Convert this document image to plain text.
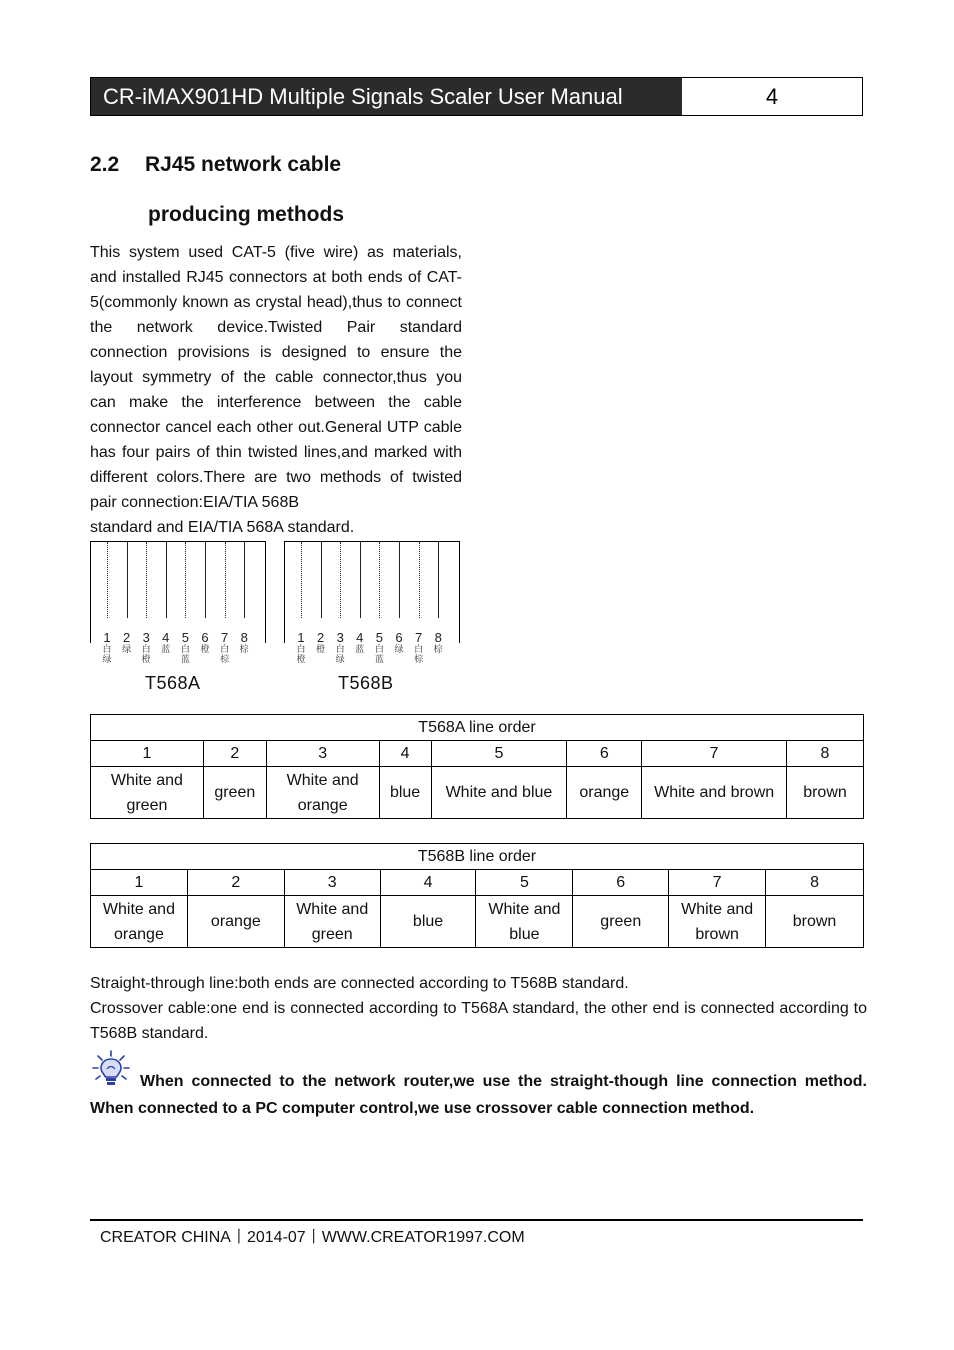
CR-iMAX901HD Multiple Signals Scaler User Manual	4
2.2 RJ45 network cable
producing methods

This system used CAT-5 (five wire) as materials, and installed RJ45 connectors at both ends of CAT-5(commonly known as crystal head),thus to connect the network device.Twisted Pair standard connection provisions is designed to ensure the layout symmetry of the cable connector,thus you can make the interference between the cable connector cancel each other out.General UTP cable has four pairs of thin twisted lines,and marked with different colors.There are two methods of twisted pair connection:EIA/TIA 568B

standard and EIA/TIA 568A standard.

1
白
绿
2
绿
3
白
橙
4
蓝
5
白
蓝
6
橙
7
白
棕
8
棕
1
白
橙
2
橙
3
白
绿
4
蓝
5
白
蓝
6
绿
7
白
棕
8
棕
T568A	T568B
T568A line order							
1	2	3	4	5	6	7	8
White and green	green	White and orange	blue	White and blue	orange	White and brown	brown
T568B line order							
1	2	3	4	5	6	7	8
White and orange	orange	White and green	blue	White and blue	green	White and brown	brown

Straight-through line:both ends are connected according to T568B standard.

Crossover cable:one end is connected according to T568A standard, the other end is connected according to T568B standard.

When connected to the network router,we use the straight-though line connection method. When connected to a PC computer control,we use crossover cable connection method.
CREATOR CHINA丨2014-07丨WWW.CREATOR1997.COM
